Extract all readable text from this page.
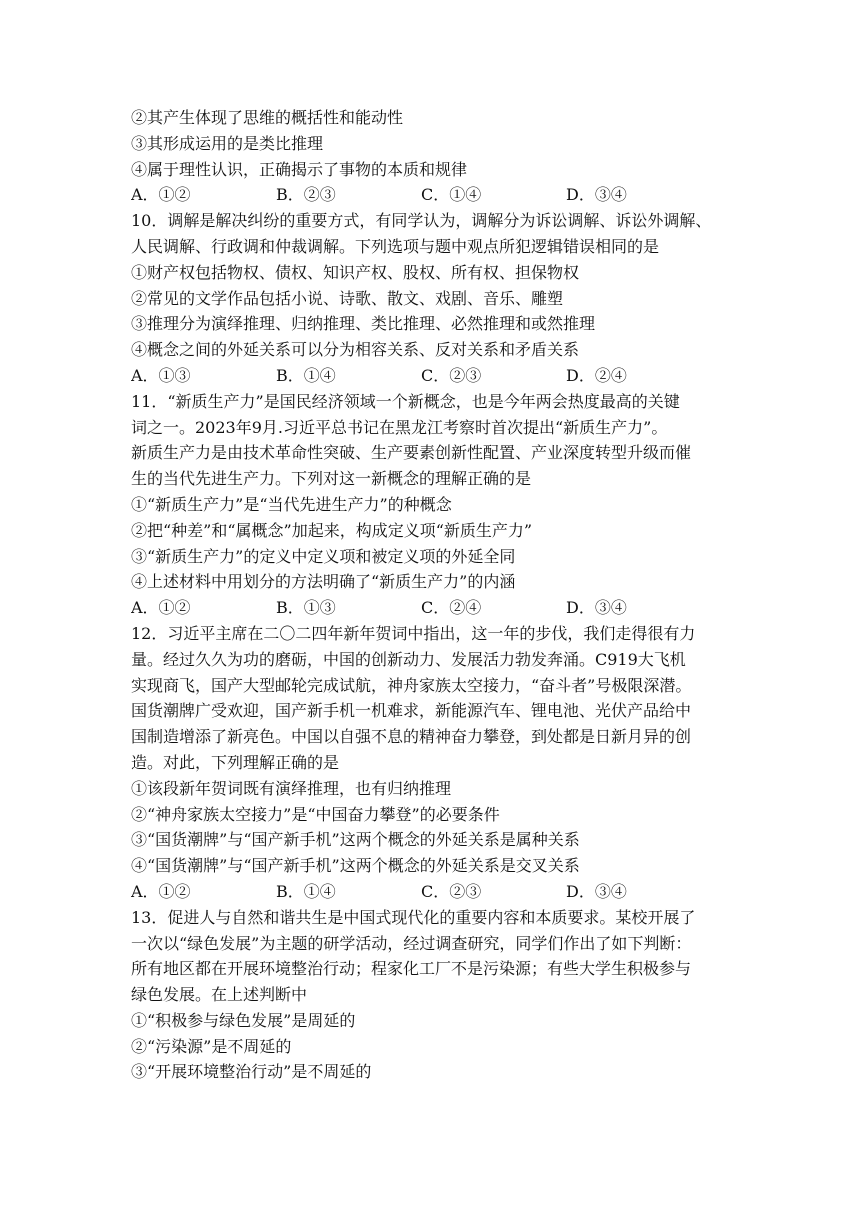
②其产生体现了思维的概括性和能动性
③其形成运用的是类比推理
④属于理性认识，正确揭示了事物的本质和规律
A．①②	B．②③	C．①④	D．③④
10．调解是解决纠纷的重要方式，有同学认为，调解分为诉讼调解、诉讼外调解、
人民调解、行政调和仲裁调解。下列选项与题中观点所犯逻辑错误相同的是
①财产权包括物权、债权、知识产权、股权、所有权、担保物权
②常见的文学作品包括小说、诗歌、散文、戏剧、音乐、雕塑
③推理分为演绎推理、归纳推理、类比推理、必然推理和或然推理
④概念之间的外延关系可以分为相容关系、反对关系和矛盾关系
A．①③	B．①④	C．②③	D．②④
11．“新质生产力”是国民经济领域一个新概念，也是今年两会热度最高的关键
词之一。2023年9月.习近平总书记在黑龙江考察时首次提出“新质生产力”。
新质生产力是由技术革命性突破、生产要素创新性配置、产业深度转型升级而催
生的当代先进生产力。下列对这一新概念的理解正确的是
①“新质生产力”是“当代先进生产力”的种概念
②把“种差”和“属概念”加起来，构成定义项“新质生产力”
③“新质生产力”的定义中定义项和被定义项的外延全同
④上述材料中用划分的方法明确了“新质生产力”的内涵
A．①②	B．①③	C．②④	D．③④
12．习近平主席在二〇二四年新年贺词中指出，这一年的步伐，我们走得很有力
量。经过久久为功的磨砺，中国的创新动力、发展活力勃发奔涌。C919大飞机
实现商飞，国产大型邮轮完成试航，神舟家族太空接力，“奋斗者”号极限深潜。
国货潮牌广受欢迎，国产新手机一机难求，新能源汽车、锂电池、光伏产品给中
国制造增添了新亮色。中国以自强不息的精神奋力攀登，到处都是日新月异的创
造。对此，下列理解正确的是
①该段新年贺词既有演绎推理，也有归纳推理
②“神舟家族太空接力”是“中国奋力攀登”的必要条件
③“国货潮牌”与“国产新手机”这两个概念的外延关系是属种关系
④“国货潮牌”与“国产新手机”这两个概念的外延关系是交叉关系
A．①②	B．①④	C．②③	D．③④
13．促进人与自然和谐共生是中国式现代化的重要内容和本质要求。某校开展了
一次以“绿色发展”为主题的研学活动，经过调查研究，同学们作出了如下判断：
所有地区都在开展环境整治行动；程家化工厂不是污染源；有些大学生积极参与
绿色发展。在上述判断中
①“积极参与绿色发展”是周延的
②“污染源”是不周延的
③“开展环境整治行动”是不周延的
